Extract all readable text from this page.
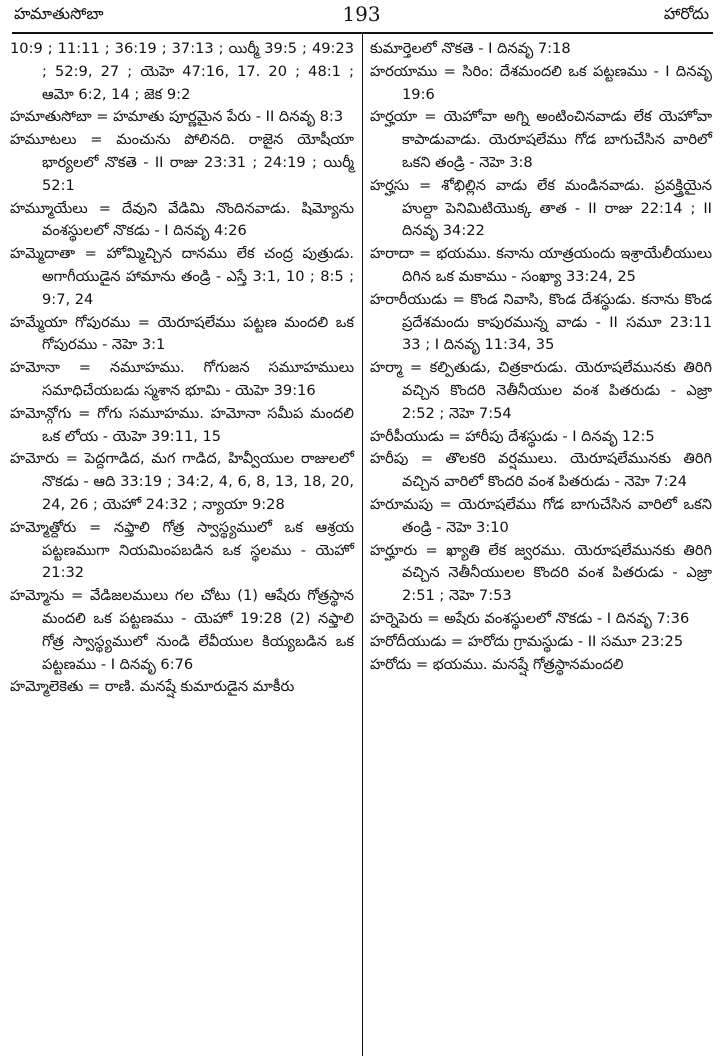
హమాతుసోబా	193	హారోదు

10:9 ; 11:11 ; 36:19 ; 37:13 ; యిర్మీ 39:5 ; 49:23 ; 52:9, 27 ; యెహె 47:16, 17. 20 ; 48:1 ; ఆమో 6:2, 14 ; జెక 9:2

హమాతుసోబా = హమాతు పూర్ణమైన పేరు - II దినవృ 8:3

హమూటలు = మంచును పోలినది. రాజైన యోషీయా భార్యలలో నొకతె - II రాజు 23:31 ; 24:19 ; యిర్మీ 52:1

హమ్మూయేలు = దేవుని వేడిమి నొందినవాడు. షిమ్యోను వంశస్థులలో నొకడు - I దినవృ 4:26

హమ్మెదాతా = హోమ్మిచ్చిన దానము లేక చంద్ర పుత్రుడు. అగాగీయుడైన హామాను తండ్రి - ఎస్తే 3:1, 10 ; 8:5 ; 9:7, 24

హమ్మేయా గోపురము = యెరూషలేము పట్టణ మందలి ఒక గోపురము - నెహె 3:1

హమోనా = నమూహము. గోగుజన సమూహములు సమాధిచేయబడు స్మశాన భూమి - యెహె 39:16

హమోన్గోగు = గోగు సమూహము. హమోనా సమీప మందలి ఒక లోయ - యెహె 39:11, 15

హమోరు = పెద్దగాడిద, మగ గాడిద, హివ్వీయుల రాజులలో నొకడు - ఆది 33:19 ; 34:2, 4, 6, 8, 13, 18, 20, 24, 26 ; యెహో 24:32 ; న్యాయా 9:28

హమ్మోత్దోరు = నఫ్తాలి గోత్ర స్వాస్థ్యములో ఒక ఆశ్రయ పట్టణముగా నియమింపబడిన ఒక స్థలము - యెహో 21:32

హమ్మోను = వేడిజలములు గల చోటు (1) ఆషేరు గోత్రస్థాన మందలి ఒక పట్టణము - యెహో 19:28 (2) నఫ్తాలి గోత్ర స్వాస్థ్యములో నుండి లేవీయుల కియ్యబడిన ఒక పట్టణము - I దినవృ 6:76

హమ్మోలెకెతు = రాణి. మనష్షే కుమారుడైన మాకీరు

కుమార్తెలలో నొకతె - I దినవృ 7:18

హరయాము = సిరిం: దేశమందలి ఒక పట్టణము - I దినవృ 19:6

హర్హయా = యెహోవా అగ్ని అంటించినవాడు లేక యెహోవా కాపాడువాడు. యెరూషలేము గోడ బాగుచేసిన వారిలో ఒకని తండ్రి - నెహె 3:8

హర్హసు = శోభిల్లిన వాడు లేక మండినవాడు. ప్రవక్త్రియైన హుల్దా పెనిమిటియొక్క తాత - II రాజు 22:14 ; II దినవృ 34:22

హరాదా = భయము. కనాను యాత్రయందు ఇశ్రాయేలీయులు దిగిన ఒక మకాము - సంఖ్యా 33:24, 25

హరారీయుడు = కొండ నివాసి, కొండ దేశస్థుడు. కనాను కొండ ప్రదేశమందు కాపురమున్న వాడు - II సమూ 23:11 33 ; I దినవృ 11:34, 35

హర్మా = కల్పితుడు, చిత్రకారుడు. యెరూషలేమునకు తిరిగి వచ్చిన కొందరి నెతీనీయుల వంశ పితరుడు - ఎజ్రా 2:52 ; నెహె 7:54

హరీపీయుడు = హారీపు దేశస్థుడు - I దినవృ 12:5

హరీపు = తొలకరి వర్షములు. యెరూషలేమునకు తిరిగి వచ్చిన వారిలో కొందరి వంశ పితరుడు - నెహె 7:24

హరూమపు = యెరూషలేము గోడ బాగుచేసిన వారిలో ఒకని తండ్రి - నెహె 3:10

హర్హూరు = ఖ్యాతి లేక జ్వరము. యెరూషలేమునకు తిరిగి వచ్చిన నెతీనీయులల కొందరి వంశ పితరుడు - ఎజ్రా 2:51 ; నెహె 7:53

హర్నెపెరు = అషేరు వంశస్థులలో నొకడు - I దినవృ 7:36

హరోదీయుడు = హరోదు గ్రామస్థుడు - II సమూ 23:25

హరోదు = భయము. మనష్షే గోత్రస్థానమందలి
